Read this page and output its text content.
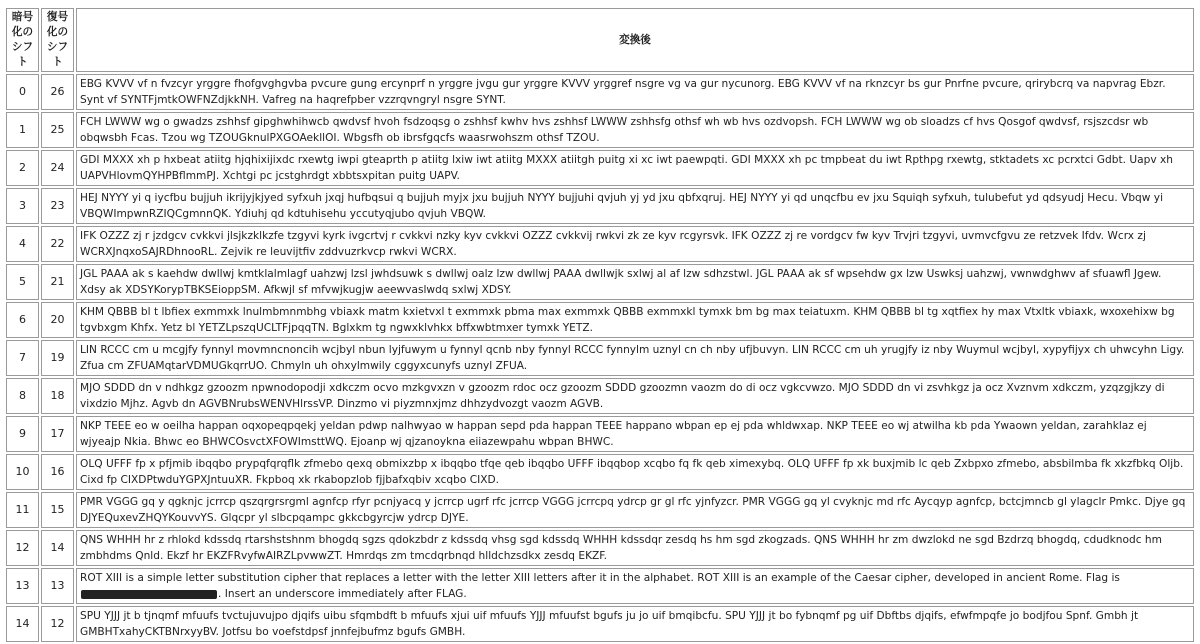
暗号化のシフト	復号化のシフト	変換後
0	26	EBG KVVV vf n fvzcyr yrggre fhofgvghgvba pvcure gung ercynprf n yrggre jvgu gur yrggre KVVV yrggref nsgre vg va gur nycunorg. EBG KVVV vf na rknzcyr bs gur Pnrfne pvcure, qrirybcrq va napvrag Ebzr. Synt vf SYNTFjmtkOWFNZdjkkNH. Vafreg na haqrefpber vzzrqvngryl nsgre SYNT.
1	25	FCH LWWW wg o gwadzs zshhsf gipghwhihwcb qwdvsf hvoh fsdzoqsg o zshhsf kwhv hvs zshhsf LWWW zshhsfg othsf wh wb hvs ozdvopsh. FCH LWWW wg ob sloadzs cf hvs Qosgof qwdvsf, rsjszcdsr wb obqwsbh Fcas. Tzou wg TZOUGknulPXGOAekllOI. Wbgsfh ob ibrsfgqcfs waasrwohszm othsf TZOU.
2	24	GDI MXXX xh p hxbeat atiitg hjqhixijixdc rxewtg iwpi gteaprth p atiitg lxiw iwt atiitg MXXX atiitgh puitg xi xc iwt paewpqti. GDI MXXX xh pc tmpbeat du iwt Rpthpg rxewtg, stktadets xc pcrxtci Gdbt. Uapv xh UAPVHlovmQYHPBflmmPJ. Xchtgi pc jcstghrdgt xbbtsxpitan puitg UAPV.
3	23	HEJ NYYY yi q iycfbu bujjuh ikrijyjkjyed syfxuh jxqj hufbqsui q bujjuh myjx jxu bujjuh NYYY bujjuhi qvjuh yj yd jxu qbfxqruj. HEJ NYYY yi qd unqcfbu ev jxu Squiqh syfxuh, tulubefut yd qdsyudj Hecu. Vbqw yi VBQWImpwnRZIQCgmnnQK. Ydiuhj qd kdtuhisehu yccutyqjubo qvjuh VBQW.
4	22	IFK OZZZ zj r jzdgcv cvkkvi jlsjkzklkzfe tzgyvi kyrk ivgcrtvj r cvkkvi nzky kyv cvkkvi OZZZ cvkkvij rwkvi zk ze kyv rcgyrsvk. IFK OZZZ zj re vordgcv fw kyv Trvjri tzgyvi, uvmvcfgvu ze retzvek Ifdv. Wcrx zj WCRXJnqxoSAJRDhnooRL. Zejvik re leuvijtfiv zddvuzrkvcp rwkvi WCRX.
5	21	JGL PAAA ak s kaehdw dwllwj kmtklalmlagf uahzwj lzsl jwhdsuwk s dwllwj oalz lzw dwllwj PAAA dwllwjk sxlwj al af lzw sdhzstwl. JGL PAAA ak sf wpsehdw gx lzw Uswksj uahzwj, vwnwdghwv af sfuawfl Jgew. Xdsy ak XDSYKorypTBKSEioppSM. Afkwjl sf mfvwjkugjw aeewvaslwdq sxlwj XDSY.
6	20	KHM QBBB bl t lbfiex exmmxk lnulmbmnmbhg vbiaxk matm kxietvxl t exmmxk pbma max exmmxk QBBB exmmxkl tymxk bm bg max teiatuxm. KHM QBBB bl tg xqtfiex hy max Vtxltk vbiaxk, wxoxehixw bg tgvbxgm Khfx. Yetz bl YETZLpszqUCLTFjpqqTN. Bglxkm tg ngwxklvhkx bffxwbtmxer tymxk YETZ.
7	19	LIN RCCC cm u mcgjfy fynnyl movmncnoncih wcjbyl nbun lyjfuwym u fynnyl qcnb nby fynnyl RCCC fynnylm uznyl cn ch nby ufjbuvyn. LIN RCCC cm uh yrugjfy iz nby Wuymul wcjbyl, xypyfijyx ch uhwcyhn Ligy. Zfua cm ZFUAMqtarVDMUGkqrrUO. Chmyln uh ohxylmwily cggyxcunyfs uznyl ZFUA.
8	18	MJO SDDD dn v ndhkgz gzoozm npwnodopodji xdkczm ocvo mzkgvxzn v gzoozm rdoc ocz gzoozm SDDD gzoozmn vaozm do di ocz vgkcvwzo. MJO SDDD dn vi zsvhkgz ja ocz Xvznvm xdkczm, yzqzgjkzy di vixdzio Mjhz. Agvb dn AGVBNrubsWENVHlrssVP. Dinzmo vi piyzmnxjmz dhhzydvozgt vaozm AGVB.
9	17	NKP TEEE eo w oeilha happan oqxopeqpqekj yeldan pdwp nalhwyao w happan sepd pda happan TEEE happano wbpan ep ej pda whldwxap. NKP TEEE eo wj atwilha kb pda Ywaown yeldan, zarahklaz ej wjyeajp Nkia. Bhwc eo BHWCOsvctXFOWImsttWQ. Ejoanp wj qjzanoykna eiiazewpahu wbpan BHWC.
10	16	OLQ UFFF fp x pfjmib ibqqbo prypqfqrqflk zfmebo qexq obmixzbp x ibqqbo tfqe qeb ibqqbo UFFF ibqqbop xcqbo fq fk qeb ximexybq. OLQ UFFF fp xk buxjmib lc qeb Zxbpxo zfmebo, absbilmba fk xkzfbkq Oljb. Cixd fp CIXDPtwduYGPXJntuuXR. Fkpboq xk rkabopzlob fjjbafxqbiv xcqbo CIXD.
11	15	PMR VGGG gq y qgknjc jcrrcp qszqrgrsrgml agnfcp rfyr pcnjyacq y jcrrcp ugrf rfc jcrrcp VGGG jcrrcpq ydrcp gr gl rfc yjnfyzcr. PMR VGGG gq yl cvyknjc md rfc Aycqyp agnfcp, bctcjmncb gl ylagclr Pmkc. Djye gq DJYEQuxevZHQYKouvvYS. Glqcpr yl slbcpqampc gkkcbgyrcjw ydrcp DJYE.
12	14	QNS WHHH hr z rhlokd kdssdq rtarshstshnm bhogdq sgzs qdokzbdr z kdssdq vhsg sgd kdssdq WHHH kdssdqr zesdq hs hm sgd zkogzads. QNS WHHH hr zm dwzlokd ne sgd Bzdrzq bhogdq, cdudknodc hm zmbhdms Qnld. Ekzf hr EKZFRvyfwAIRZLpvwwZT. Hmrdqs zm tmcdqrbnqd hlldchzsdkx zesdq EKZF.
13	13	ROT XIII is a simple letter substitution cipher that replaces a letter with the letter XIII letters after it in the alphabet. ROT XIII is an example of the Caesar cipher, developed in ancient Rome. Flag is . Insert an underscore immediately after FLAG.
14	12	SPU YJJJ jt b tjnqmf mfuufs tvctujuvujpo djqifs uibu sfqmbdft b mfuufs xjui uif mfuufs YJJJ mfuufst bgufs ju jo uif bmqibcfu. SPU YJJJ jt bo fybnqmf pg uif Dbftbs djqifs, efwfmpqfe jo bodjfou Spnf. Gmbh jt GMBHTxahyCKTBNrxyyBV. Jotfsu bo voefstdpsf jnnfejbufmz bgufs GMBH.
